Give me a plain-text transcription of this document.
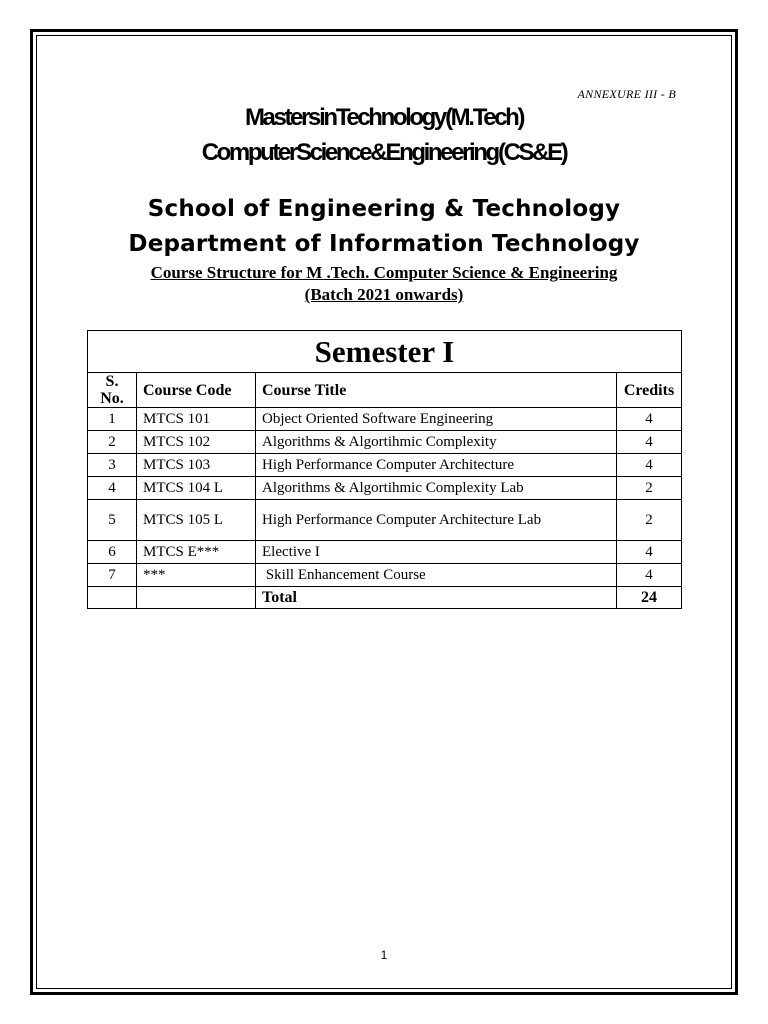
ANNEXURE III - B
Masters in Technology (M. Tech)
Computer Science & Engineering (CS&E)
School of Engineering & Technology
Department of Information Technology
Course Structure for M .Tech. Computer Science & Engineering
(Batch 2021 onwards)
Semester I			
S. No.	Course Code	Course Title	Credits
1	MTCS 101	Object Oriented Software Engineering	4
2	MTCS 102	Algorithms & Algortihmic Complexity	4
3	MTCS 103	High Performance Computer Architecture	4
4	MTCS 104 L	Algorithms & Algortihmic Complexity Lab	2
5	MTCS 105 L	High Performance Computer Architecture Lab	2
6	MTCS E***	Elective I	4
7	***	Skill Enhancement Course	4
		Total	24
1
